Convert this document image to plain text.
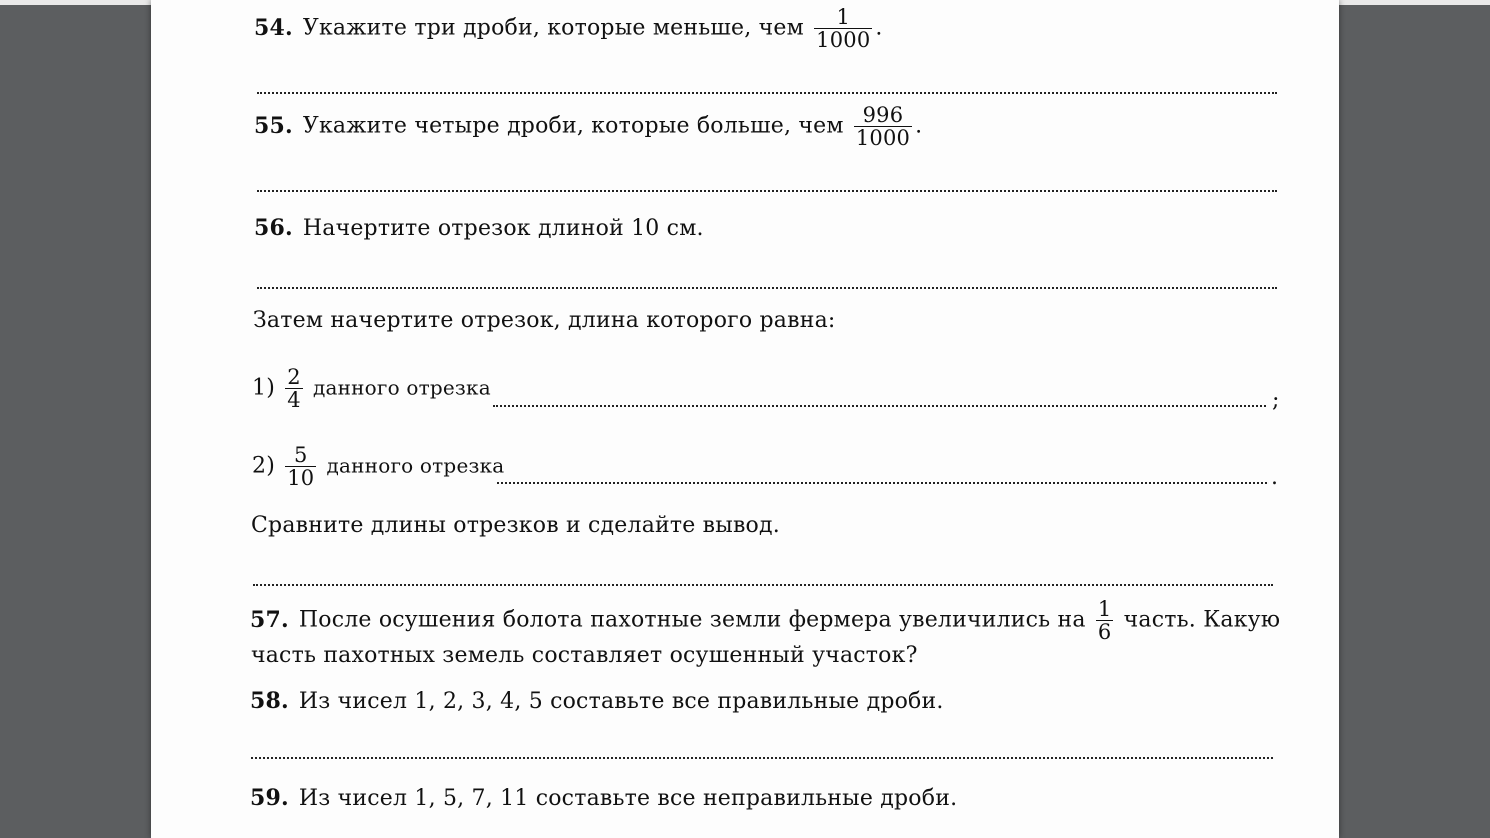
54. Укажите три дроби, которые меньше, чем $\frac{1}{1000}$ .
55. Укажите четыре дроби, которые больше, чем $\frac{996}{1000}$ .
56. Начертите отрезок длиной 10 см.
Затем начертите отрезок, длина которого равна:
$1) \frac{2}{4}$ данного отрезка
;
$2) \frac{5}{10}$ данного отрезка	.
Сравните длины отрезков и сделайте вывод.
57. После осушения болота пахотные земли фермера увеличились на $\frac{1}{6}$ часть. Какую
часть пахотных земель составляет осушенный участок?
58. Из чисел 1, 2, 3, 4, 5 составьте все правильные дроби.
59. Из чисел 1, 5, 7, 11 составьте все неправильные дроби.
